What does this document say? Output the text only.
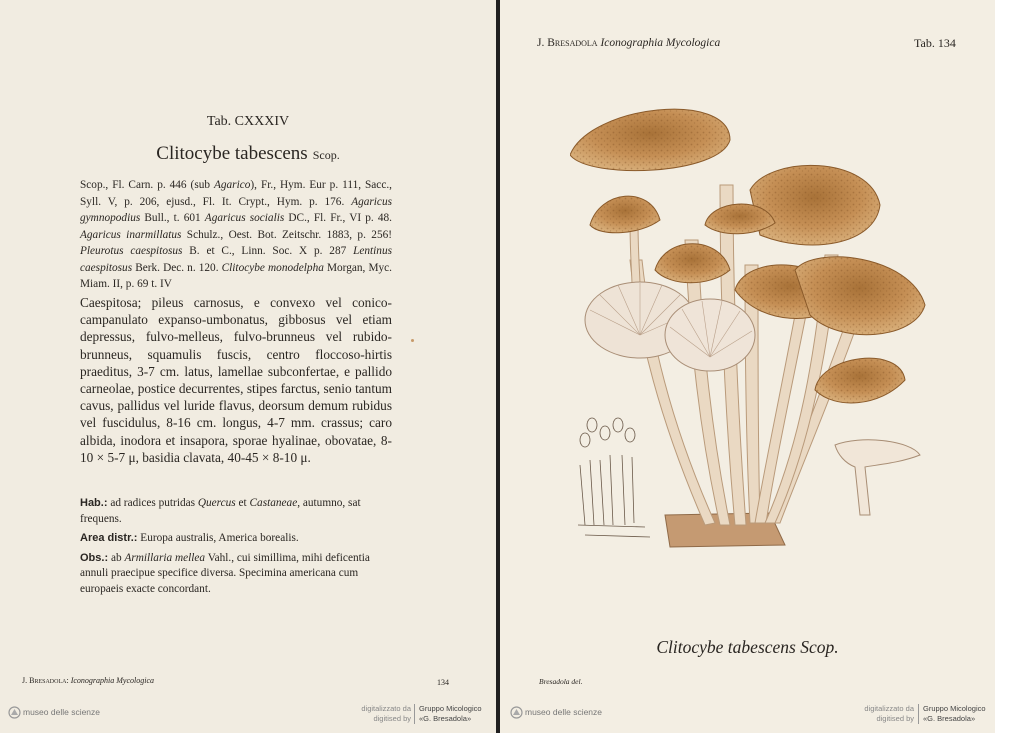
Tab. CXXXIV
Clitocybe tabescens Scop.
Scop., Fl. Carn. p. 446 (sub Agarico), Fr., Hym. Eur p. 111, Sacc., Syll. V, p. 206, ejusd., Fl. It. Crypt., Hym. p. 176. Agaricus gymnopodius Bull., t. 601 Agaricus socialis DC., Fl. Fr., VI p. 48. Agaricus inarmillatus Schulz., Oest. Bot. Zeitschr. 1883, p. 256! Pleurotus caespitosus B. et C., Linn. Soc. X p. 287 Lentinus caespitosus Berk. Dec. n. 120. Clitocybe monodelpha Morgan, Myc. Miam. II, p. 69 t. IV
Caespitosa; pileus carnosus, e convexo vel conico-campanulato expanso-umbonatus, gibbosus vel etiam depressus, fulvo-melleus, fulvo-brunneus vel rubido-brunneus, squamulis fuscis, centro floccoso-hirtis praeditus, 3-7 cm. latus, lamellae subconfertae, e pallido carneolae, postice decurrentes, stipes farctus, senio tantum cavus, pallidus vel luride flavus, deorsum demum rubidus vel fuscidulus, 8-16 cm. longus, 4-7 mm. crassus; caro albida, inodora et insapora, sporae hyalinae, obovatae, 8-10 × 5-7 μ, basidia clavata, 40-45 × 8-10 μ.

Hab.: ad radices putridas Quercus et Castaneae, autumno, sat frequens.

Area distr.: Europa australis, America borealis.

Obs.: ab Armillaria mellea Vahl., cui simillima, mihi deficentia annuli praecipue specifice diversa. Specimina americana cum europaeis exacte concordant.

J. Bresadola: Iconographia Mycologica	134
museo delle scienze	digitalizzato da
digitised by
Gruppo Micologico
«G. Bresadola»
J. Bresadola Iconographia Mycologica	Tab. 134
Clitocybe tabescens Scop.
Bresadola del.
museo delle scienze	digitalizzato da
digitised by
Gruppo Micologico
«G. Bresadola»
